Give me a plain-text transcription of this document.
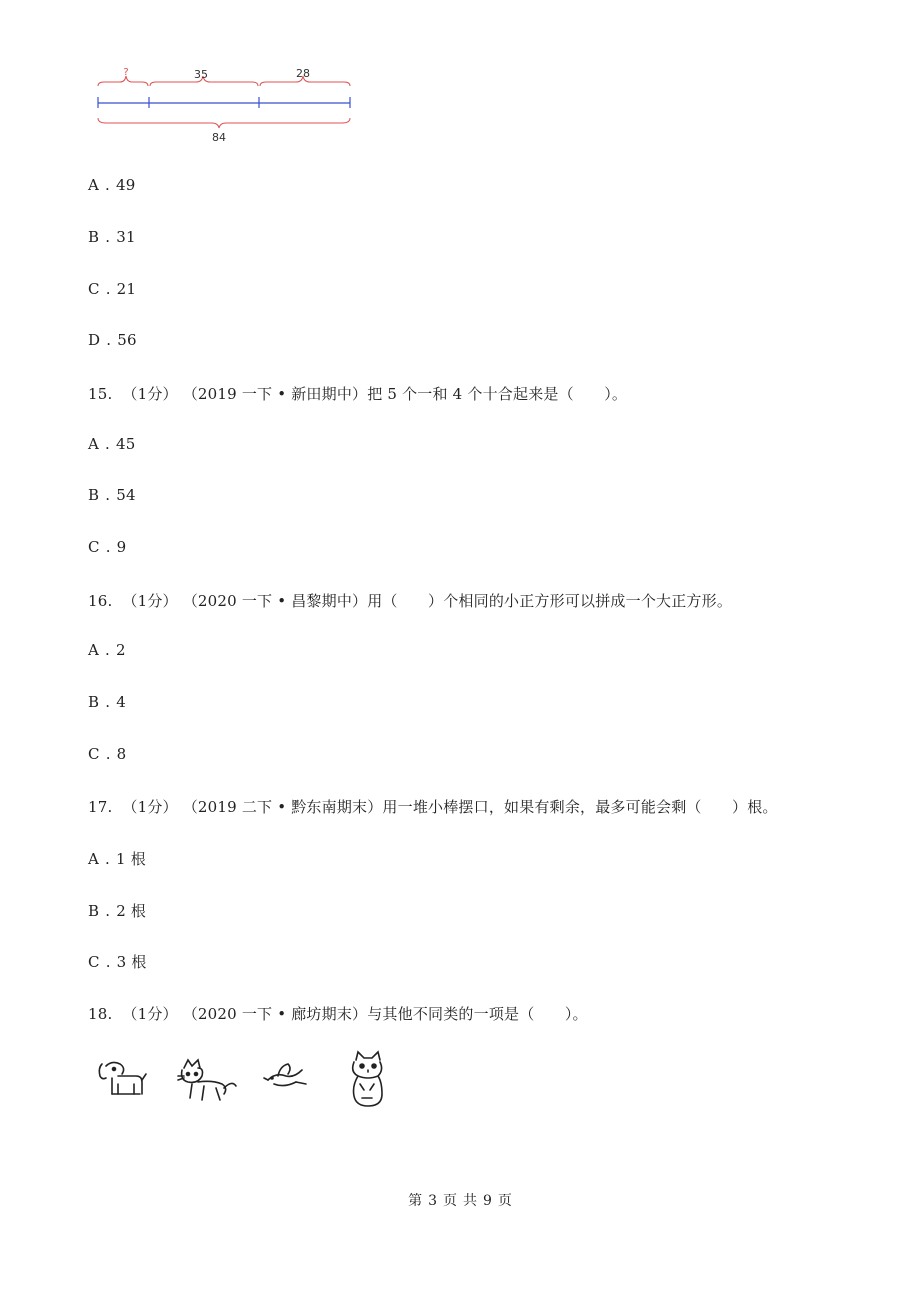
?	35	28
84
A . 49
B . 31
C . 21
D . 56
15.  （1分） （2019 一下 • 新田期中）把 5 个一和 4 个十合起来是（　　）。
A . 45
B . 54
C . 9
16.  （1分） （2020 一下 • 昌黎期中）用（　　）个相同的小正方形可以拼成一个大正方形。
A . 2
B . 4
C . 8
17.  （1分） （2019 二下 • 黔东南期末）用一堆小棒摆口，如果有剩余，最多可能会剩（　　）根。
A . 1 根
B . 2 根
C . 3 根
18.  （1分） （2020 一下 • 廊坊期末）与其他不同类的一项是（　　）。
第 3 页 共 9 页
